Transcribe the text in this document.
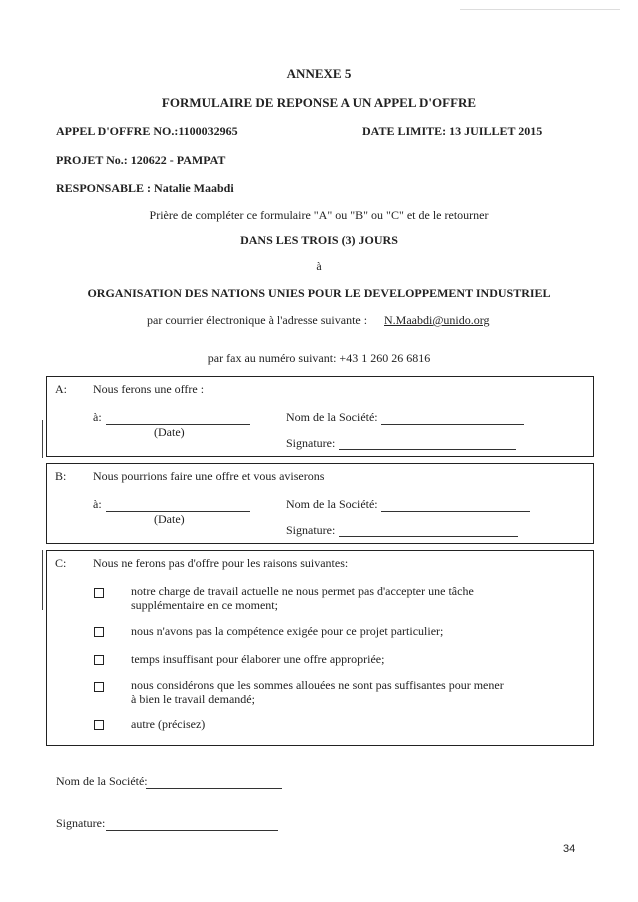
ANNEXE 5
FORMULAIRE DE REPONSE A UN APPEL D'OFFRE
APPEL D'OFFRE NO.:1100032965	DATE LIMITE: 13 JUILLET 2015
PROJET No.: 120622 - PAMPAT
RESPONSABLE : Natalie Maabdi
Prière de compléter ce formulaire "A" ou "B" ou "C" et de le retourner
DANS LES TROIS (3) JOURS
à
ORGANISATION DES NATIONS UNIES POUR LE DEVELOPPEMENT INDUSTRIEL
par courrier électronique à l'adresse suivante : N.Maabdi@unido.org
par fax au numéro suivant: +43 1 260 26 6816
A: Nous ferons une offre :
à:
(Date)
Nom de la Société:
Signature:
B: Nous pourrions faire une offre et vous aviserons
à:
(Date)
Nom de la Société:
Signature:
C: Nous ne ferons pas d'offre pour les raisons suivantes:
notre charge de travail actuelle ne nous permet pas d'accepter une tâche
supplémentaire en ce moment;
nous n'avons pas la compétence exigée pour ce projet particulier;
temps insuffisant pour élaborer une offre appropriée;
nous considérons que les sommes allouées ne sont pas suffisantes pour mener
à bien le travail demandé;
autre (précisez)
Nom de la Société:
Signature:
34
